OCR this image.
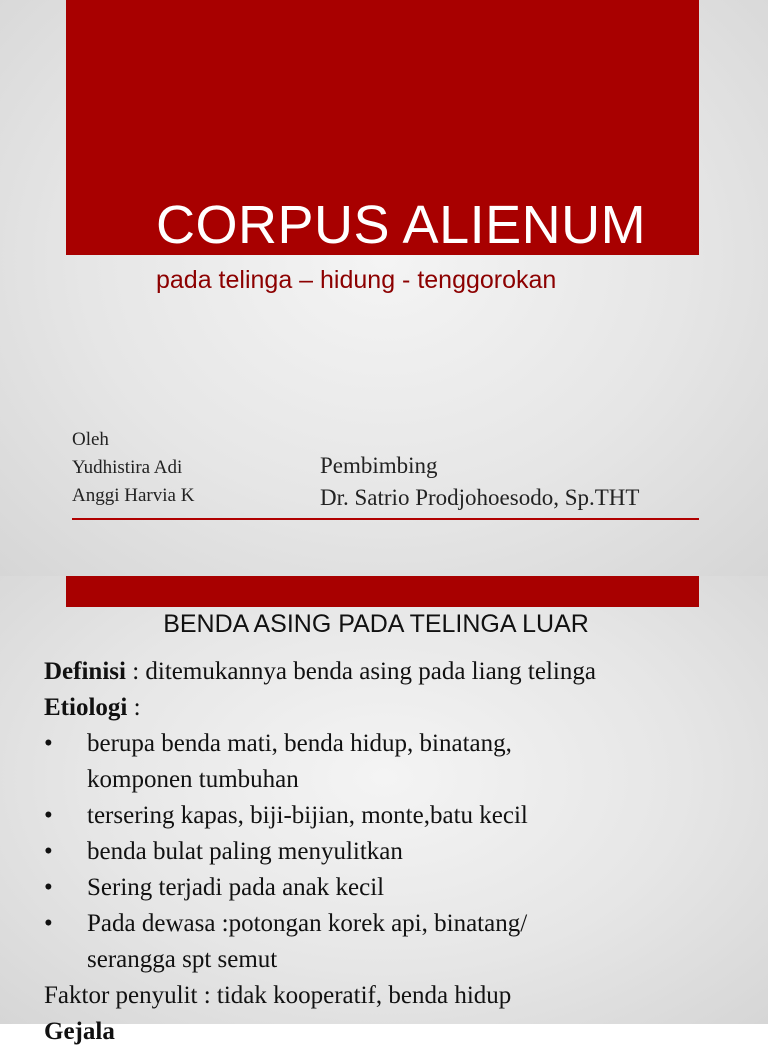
CORPUS ALIENUM
pada telinga – hidung - tenggorokan
Oleh
Yudhistira Adi
Anggi Harvia K
Pembimbing
Dr. Satrio Prodjohoesodo, Sp.THT
BENDA ASING PADA TELINGA LUAR
Definisi : ditemukannya benda asing pada liang telinga
Etiologi :
• berupa benda mati, benda hidup, binatang,
komponen tumbuhan
• tersering kapas, biji-bijian, monte,batu kecil
• benda bulat paling menyulitkan
• Sering terjadi pada anak kecil
• Pada dewasa :potongan korek api, binatang/
serangga spt semut
Faktor penyulit : tidak kooperatif, benda hidup
Gejala
